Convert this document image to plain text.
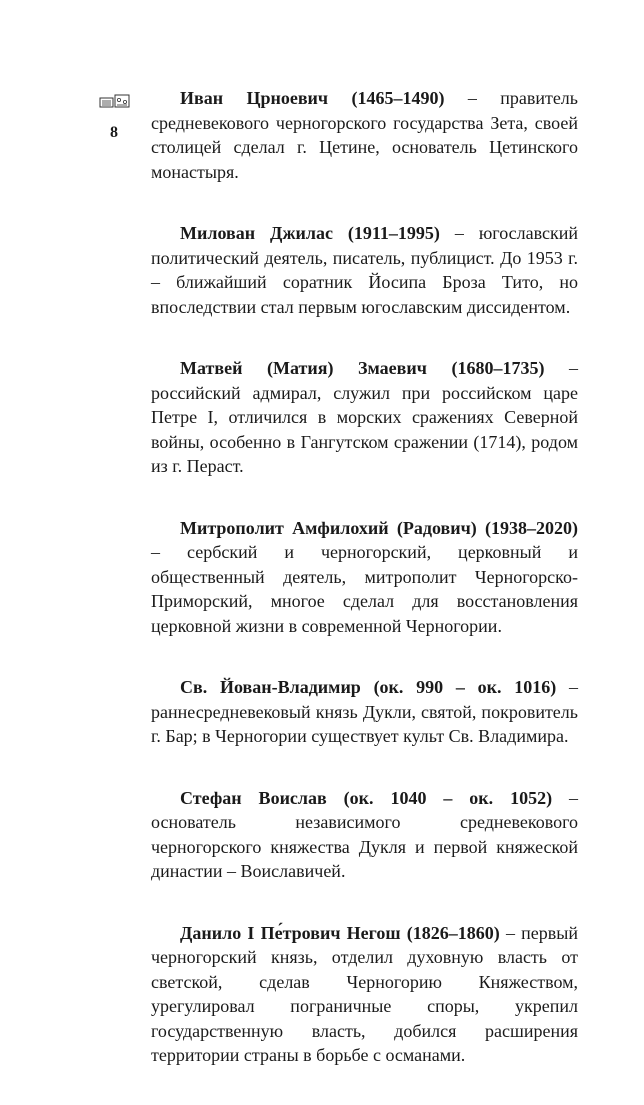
8

Иван Црноевич (1465–1490) – правитель средневекового черногорского государства Зета, своей столицей сделал г. Цетине, основатель Цетинского монастыря.

Милован Джилас (1911–1995) – югославский политический деятель, писатель, публицист. До 1953 г. – ближайший соратник Йосипа Броза Тито, но впоследствии стал первым югославским диссидентом.

Матвей (Матия) Змаевич (1680–1735) – российский адмирал, служил при российском царе Петре I, отличился в морских сражениях Северной войны, особенно в Гангутском сражении (1714), родом из г. Пераст.

Митрополит Амфилохий (Радович) (1938–2020) – сербский и черногорский, церковный и общественный деятель, митрополит Черногорско-Приморский, многое сделал для восстановления церковной жизни в современной Черногории.

Св. Йован-Владимир (ок. 990 – ок. 1016) – раннесредневековый князь Дукли, святой, покровитель г. Бар; в Черногории существует культ Св. Владимира.

Стефан Воислав (ок. 1040 – ок. 1052) – основатель независимого средневекового черногорского княжества Дукля и первой княжеской династии – Воиславичей.

Данило I Пе́трович Негош (1826–1860) – первый черногорский князь, отделил духовную власть от светской, сделав Черногорию Княжеством, урегулировал пограничные споры, укрепил государственную власть, добился расширения территории страны в борьбе с османами.
